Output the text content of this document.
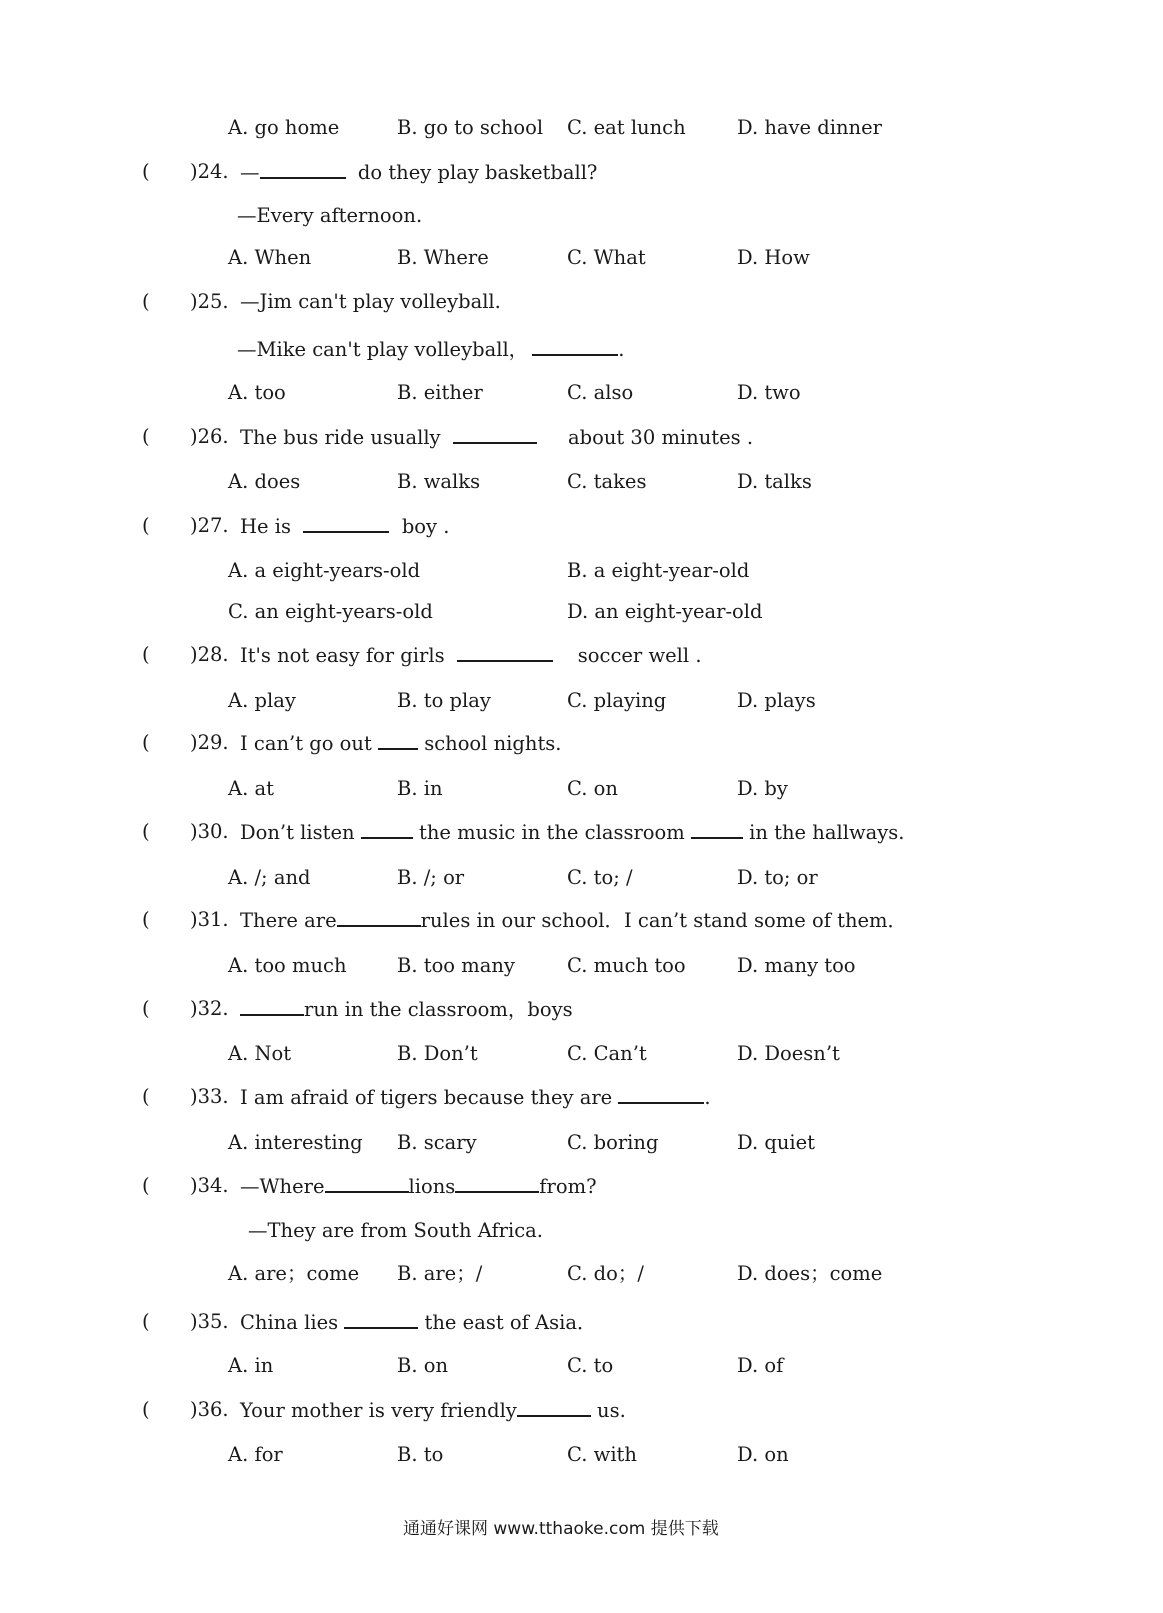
A. go home	B. go to school C. eat lunch	D. have dinner
( )24. —	do they play basketball?
—Every afternoon.
A. When	B. Where	C. What	D. How
( )25. —Jim can't play volleyball.
—Mike can't play volleyball，	.
A. too	B. either	C. also	D. two
( )26. The bus ride usually	about 30 minutes .
A. does	B. walks	C. takes	D. talks
( )27. He is	boy .
A. a eight-years-old	B. a eight-year-old
C. an eight-years-old	D. an eight-year-old
( )28. It's not easy for girls	soccer well .
A. play	B. to play	C. playing	D. plays
( )29. I can’t go out	school nights.
A. at	B. in	C. on	D. by
( )30. Don’t listen	the music in the classroom	in the hallways.
A. /; and	B. /; or	C. to; /	D. to; or
( )31. There are	rules in our school．I can’t stand some of them．
A. too much	B. too many	C. much too	D. many too
( )32.	run in the classroom，boys
A. Not	B. Don’t	C. Can’t	D. Doesn’t
( )33. I am afraid of tigers because they are	.
A. interesting B. scary	C. boring	D. quiet
( )34. —Where	lions	from?
—They are from South Africa.
A. are；come B. are；/	C. do；/	D. does；come
( )35. China lies	the east of Asia．
A. in	B. on	C. to	D. of
( )36. Your mother is very friendly	us.
A. for	B. to	C. with	D. on
通通好课网 www.tthaoke.com 提供下载
